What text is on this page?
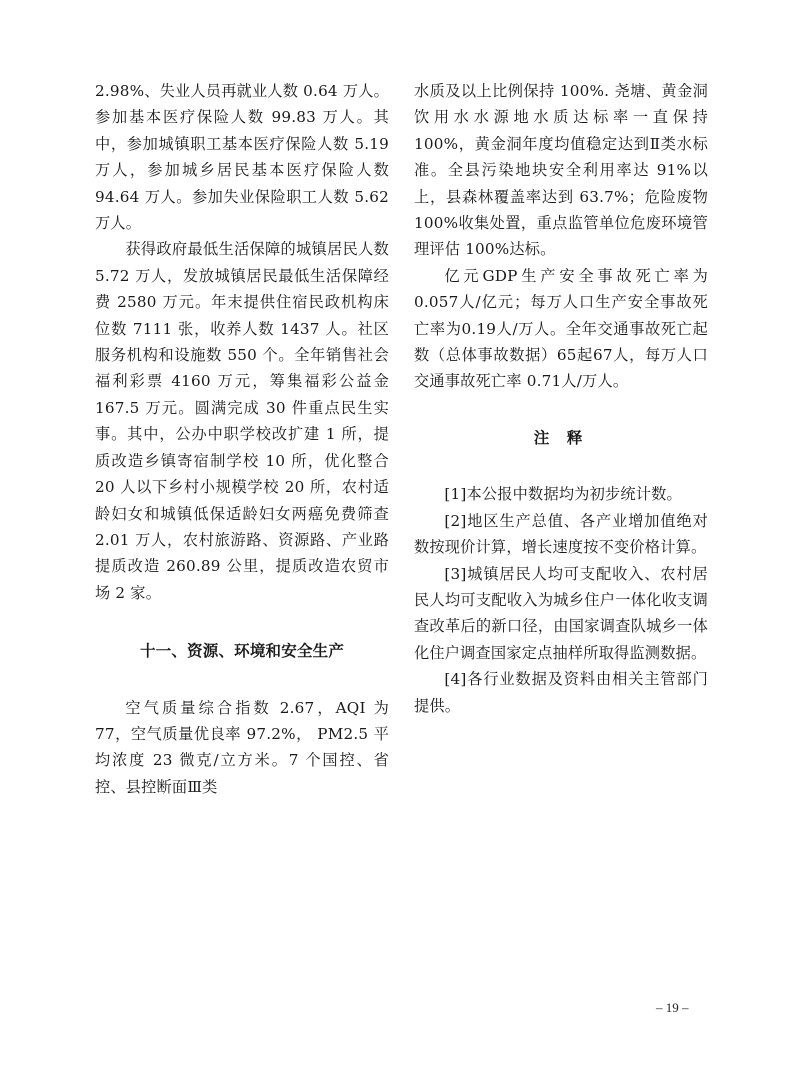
2.98%、失业人员再就业人数 0.64 万人。参加基本医疗保险人数 99.83 万人。其中，参加城镇职工基本医疗保险人数 5.19 万人，参加城乡居民基本医疗保险人数 94.64 万人。参加失业保险职工人数 5.62 万人。

获得政府最低生活保障的城镇居民人数 5.72 万人，发放城镇居民最低生活保障经费 2580 万元。年末提供住宿民政机构床位数 7111 张，收养人数 1437 人。社区服务机构和设施数 550 个。全年销售社会福利彩票 4160 万元，筹集福彩公益金 167.5 万元。圆满完成 30 件重点民生实事。其中，公办中职学校改扩建 1 所，提质改造乡镇寄宿制学校 10 所，优化整合 20 人以下乡村小规模学校 20 所，农村适龄妇女和城镇低保适龄妇女两癌免费筛查 2.01 万人，农村旅游路、资源路、产业路提质改造 260.89 公里，提质改造农贸市场 2 家。

十一、资源、环境和安全生产

空气质量综合指数 2.67，AQI 为 77，空气质量优良率 97.2%， PM2.5 平均浓度 23 微克/立方米。7 个国控、省控、县控断面Ⅲ类

水质及以上比例保持 100%. 尧塘、黄金洞饮用水水源地水质达标率一直保持 100%，黄金洞年度均值稳定达到Ⅱ类水标准。全县污染地块安全利用率达 91%以上，县森林覆盖率达到 63.7%；危险废物 100%收集处置，重点监管单位危废环境管理评估 100%达标。

亿元GDP生产安全事故死亡率为0.057人/亿元；每万人口生产安全事故死亡率为0.19人/万人。全年交通事故死亡起数（总体事故数据）65起67人，每万人口交通事故死亡率 0.71人/万人。

注 释

[1]本公报中数据均为初步统计数。

[2]地区生产总值、各产业增加值绝对数按现价计算，增长速度按不变价格计算。

[3]城镇居民人均可支配收入、农村居民人均可支配收入为城乡住户一体化收支调查改革后的新口径，由国家调查队城乡一体化住户调查国家定点抽样所取得监测数据。

[4]各行业数据及资料由相关主管部门提供。

– 19 –
